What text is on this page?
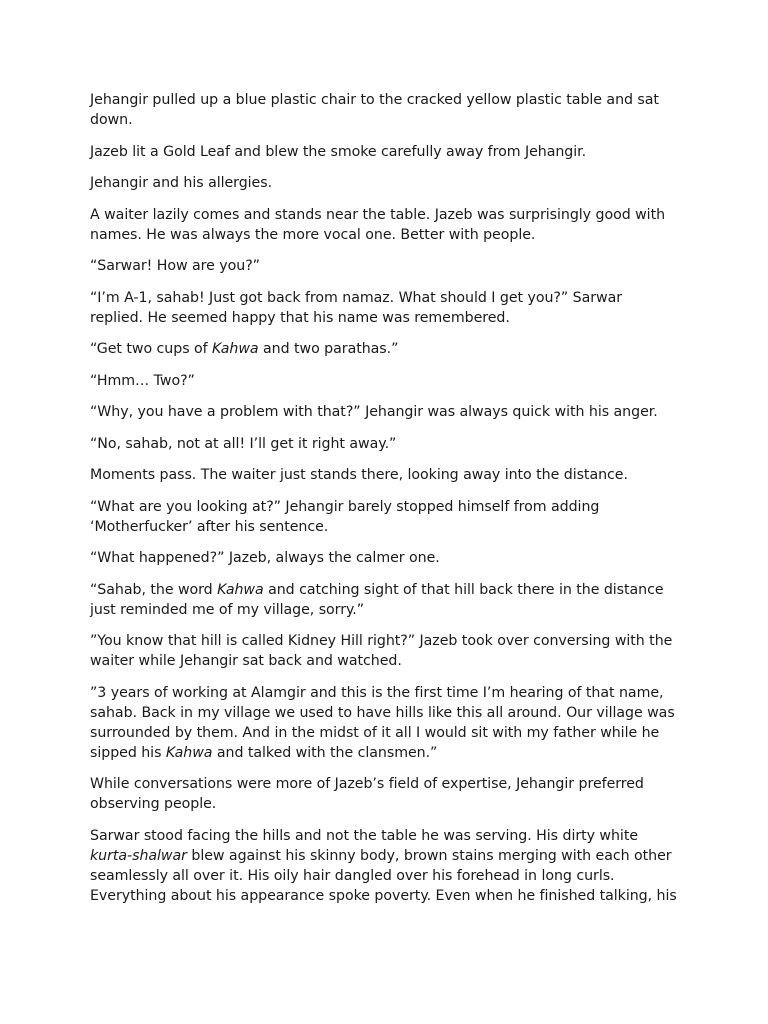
Jehangir pulled up a blue plastic chair to the cracked yellow plastic table and sat down.

Jazeb lit a Gold Leaf and blew the smoke carefully away from Jehangir.

Jehangir and his allergies.

A waiter lazily comes and stands near the table. Jazeb was surprisingly good with names. He was always the more vocal one. Better with people.

“Sarwar! How are you?”

“I’m A-1, sahab! Just got back from namaz. What should I get you?” Sarwar replied. He seemed happy that his name was remembered.

“Get two cups of Kahwa and two parathas.”

“Hmm… Two?”

“Why, you have a problem with that?” Jehangir was always quick with his anger.

“No, sahab, not at all! I’ll get it right away.”

Moments pass. The waiter just stands there, looking away into the distance.

“What are you looking at?” Jehangir barely stopped himself from adding ‘Motherfucker’ after his sentence.

“What happened?” Jazeb, always the calmer one.

“Sahab, the word Kahwa and catching sight of that hill back there in the distance just reminded me of my village, sorry.”

”You know that hill is called Kidney Hill right?” Jazeb took over conversing with the waiter while Jehangir sat back and watched.

”3 years of working at Alamgir and this is the first time I’m hearing of that name, sahab. Back in my village we used to have hills like this all around. Our village was surrounded by them. And in the midst of it all I would sit with my father while he sipped his Kahwa and talked with the clansmen.”

While conversations were more of Jazeb’s field of expertise, Jehangir preferred observing people.

Sarwar stood facing the hills and not the table he was serving. His dirty white kurta-shalwar blew against his skinny body, brown stains merging with each other seamlessly all over it. His oily hair dangled over his forehead in long curls. Everything about his appearance spoke poverty. Even when he finished talking, his
